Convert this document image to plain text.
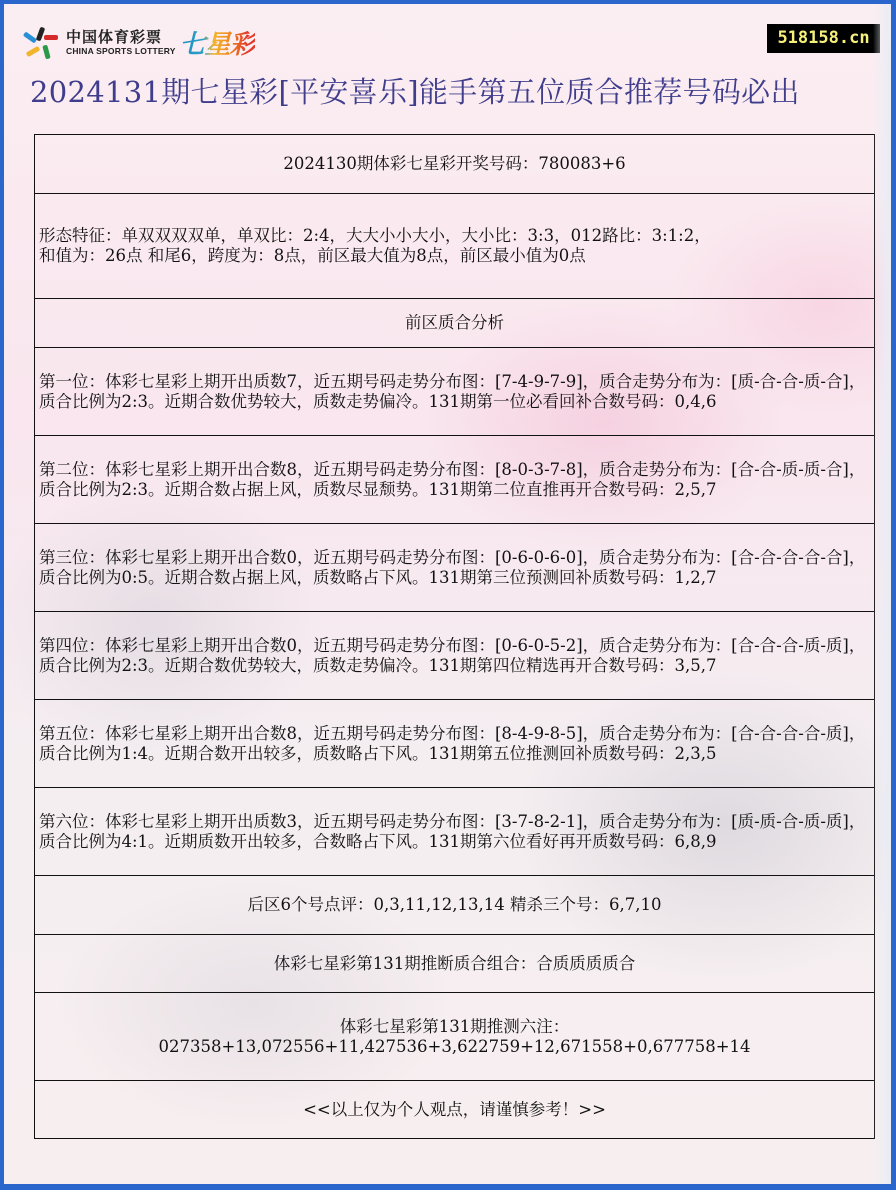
中国体育彩票
CHINA SPORTS LOTTERY 七星彩	518158.cn
2024131期七星彩[平安喜乐]能手第五位质合推荐号码必出
2024130期体彩七星彩开奖号码：780083+6

形态特征：单双双双双单，单双比：2:4，大大小小大小，大小比：3:3，012路比：3:1:2，
和值为：26点 和尾6，跨度为：8点，前区最大值为8点，前区最小值为0点

前区质合分析
第一位：体彩七星彩上期开出质数7，近五期号码走势分布图：[7-4-9-7-9]，质合走势分布为：[质-合-合-质-合]，质合比例为2:3。近期合数优势较大，质数走势偏冷。131期第一位必看回补合数号码：0,4,6
第二位：体彩七星彩上期开出合数8，近五期号码走势分布图：[8-0-3-7-8]，质合走势分布为：[合-合-质-质-合]，质合比例为2:3。近期合数占据上风，质数尽显颓势。131期第二位直推再开合数号码：2,5,7
第三位：体彩七星彩上期开出合数0，近五期号码走势分布图：[0-6-0-6-0]，质合走势分布为：[合-合-合-合-合]，质合比例为0:5。近期合数占据上风，质数略占下风。131期第三位预测回补质数号码：1,2,7
第四位：体彩七星彩上期开出合数0，近五期号码走势分布图：[0-6-0-5-2]，质合走势分布为：[合-合-合-质-质]，质合比例为2:3。近期合数优势较大，质数走势偏冷。131期第四位精选再开合数号码：3,5,7
第五位：体彩七星彩上期开出合数8，近五期号码走势分布图：[8-4-9-8-5]，质合走势分布为：[合-合-合-合-质]，质合比例为1:4。近期合数开出较多，质数略占下风。131期第五位推测回补质数号码：2,3,5
第六位：体彩七星彩上期开出质数3，近五期号码走势分布图：[3-7-8-2-1]，质合走势分布为：[质-质-合-质-质]，质合比例为4:1。近期质数开出较多，合数略占下风。131期第六位看好再开质数号码：6,8,9
后区6个号点评：0,3,11,12,13,14 精杀三个号：6,7,10
体彩七星彩第131期推断质合组合：合质质质质合

体彩七星彩第131期推测六注：
027358+13,072556+11,427536+3,622759+12,671558+0,677758+14

<<以上仅为个人观点，请谨慎参考！>>
